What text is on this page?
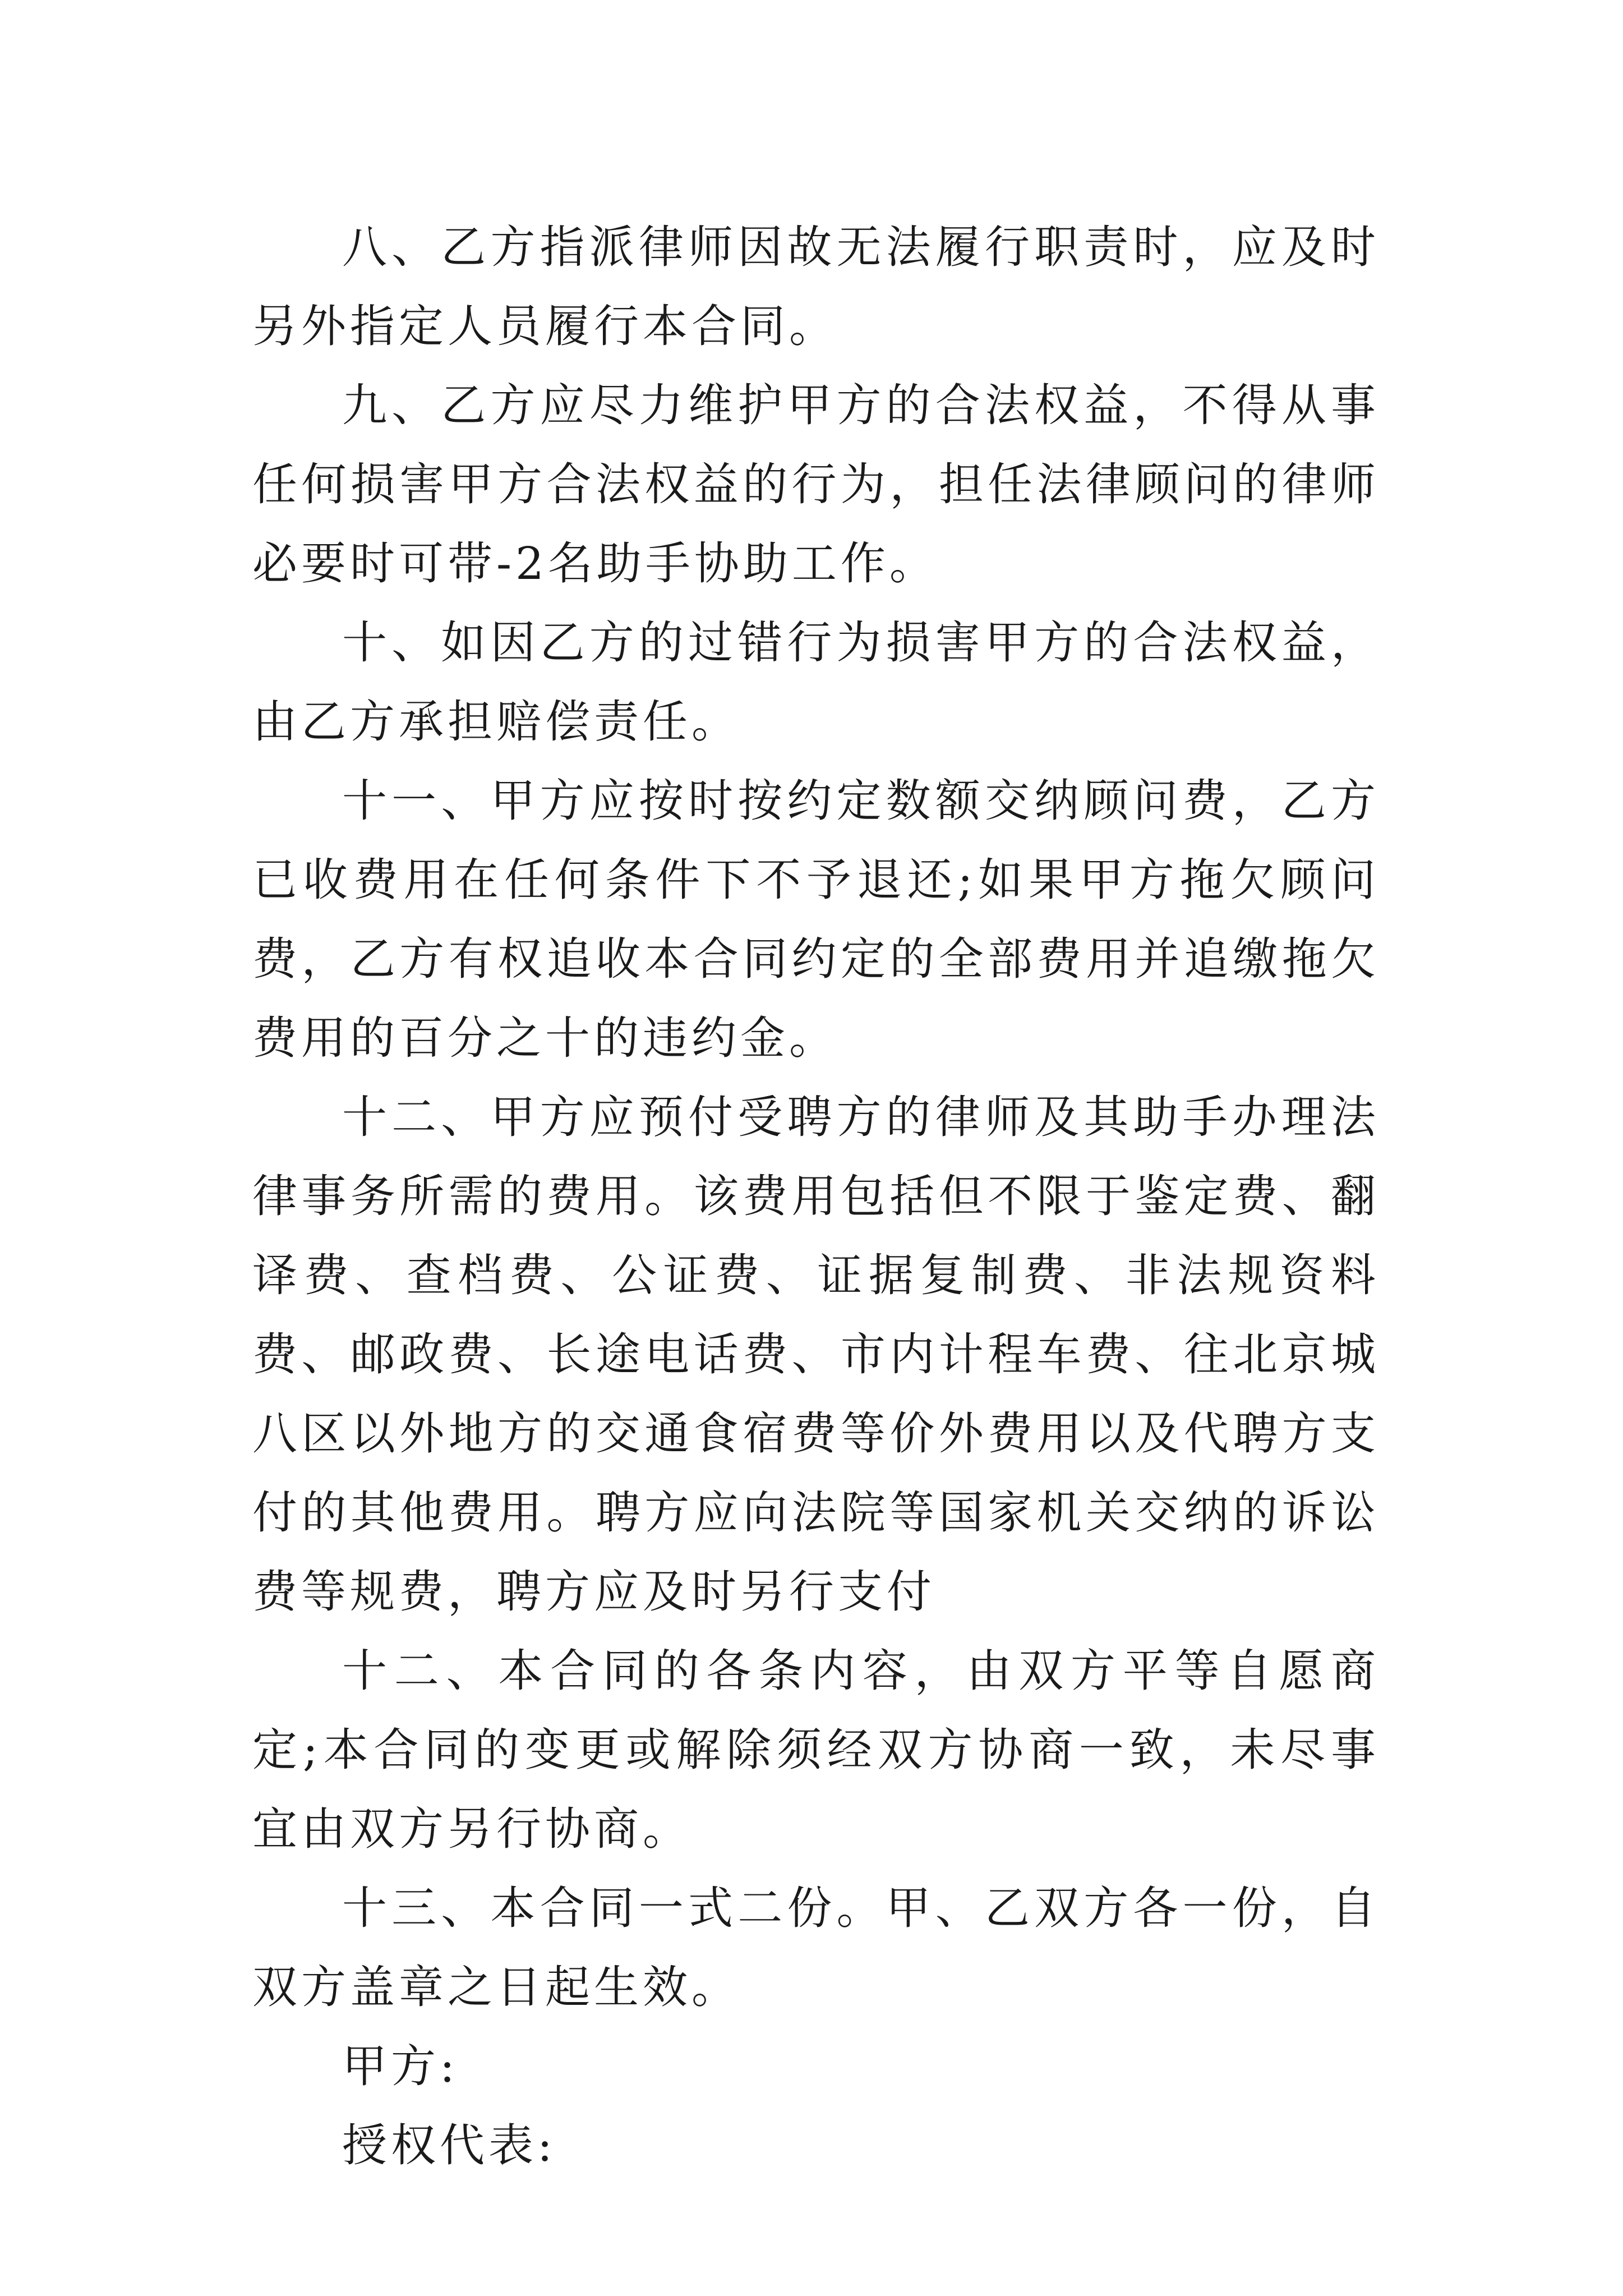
八、乙方指派律师因故无法履行职责时，应及时另外指定人员履行本合同。

九、乙方应尽力维护甲方的合法权益，不得从事任何损害甲方合法权益的行为，担任法律顾问的律师必要时可带-2名助手协助工作。

十、如因乙方的过错行为损害甲方的合法权益，由乙方承担赔偿责任。

十一、甲方应按时按约定数额交纳顾问费，乙方已收费用在任何条件下不予退还;如果甲方拖欠顾问费，乙方有权追收本合同约定的全部费用并追缴拖欠费用的百分之十的违约金。

十二、甲方应预付受聘方的律师及其助手办理法律事务所需的费用。该费用包括但不限于鉴定费、翻译费、查档费、公证费、证据复制费、非法规资料费、邮政费、长途电话费、市内计程车费、往北京城八区以外地方的交通食宿费等价外费用以及代聘方支付的其他费用。聘方应向法院等国家机关交纳的诉讼费等规费，聘方应及时另行支付

十二、本合同的各条内容，由双方平等自愿商定;本合同的变更或解除须经双方协商一致，未尽事宜由双方另行协商。

十三、本合同一式二份。甲、乙双方各一份，自双方盖章之日起生效。

甲方:

授权代表:
